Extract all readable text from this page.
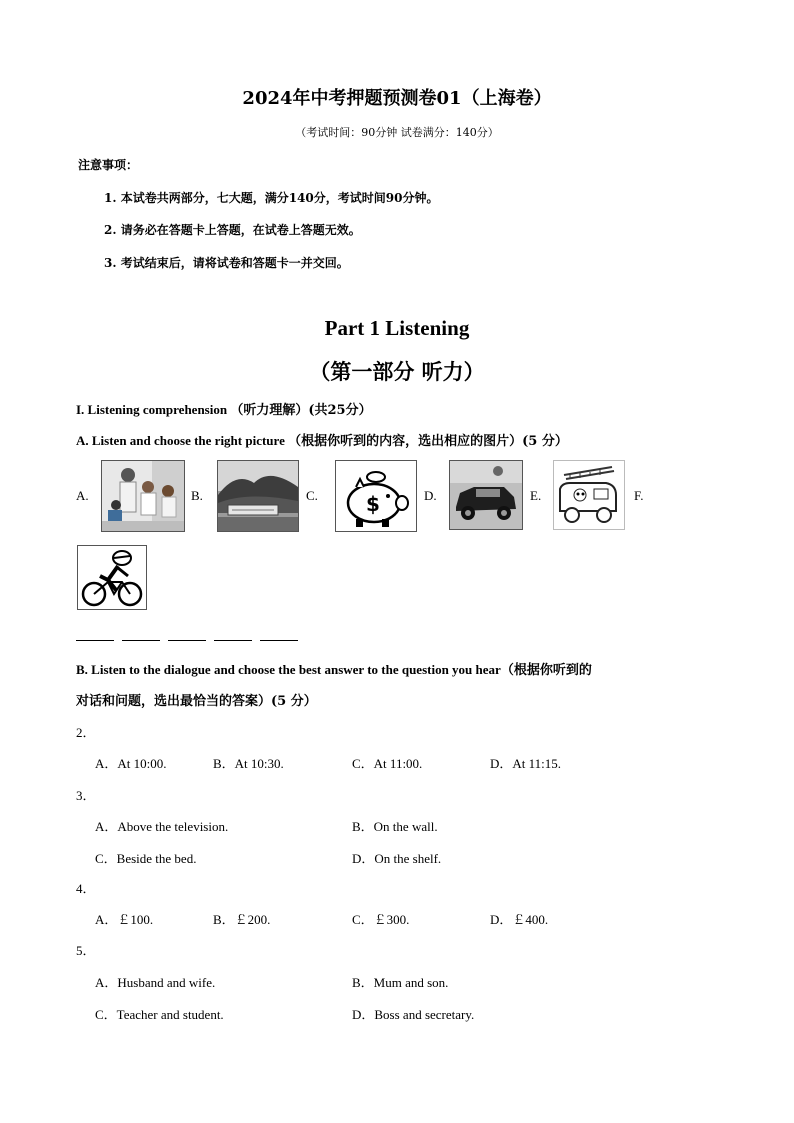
2024年中考押题预测卷01（上海卷）
（考试时间：90分钟 试卷满分：140分）
注意事项：
1. 本试卷共两部分，七大题，满分140分，考试时间90分钟。
2. 请务必在答题卡上答题，在试卷上答题无效。
3. 考试结束后，请将试卷和答题卡一并交回。
Part 1 Listening
（第一部分 听力）
I. Listening comprehension （听力理解）(共25分）
A. Listen and choose the right picture （根据你听到的内容，选出相应的图片）(5 分）
A.	B.	C. $	D.	E.	F.
B. Listen to the dialogue and choose the best answer to the question you hear（根据你听到的
对话和问题，选出最恰当的答案）(5 分）
2．
A．At 10:00.	B．At 10:30.	C．At 11:00.	D．At 11:15.
3．
A．Above the television.	B．On the wall.
C．Beside the bed.	D．On the shelf.
4．
A．￡100.	B．￡200.	C．￡300.	D．￡400.
5．
A．Husband and wife.	B．Mum and son.
C．Teacher and student.	D．Boss and secretary.
